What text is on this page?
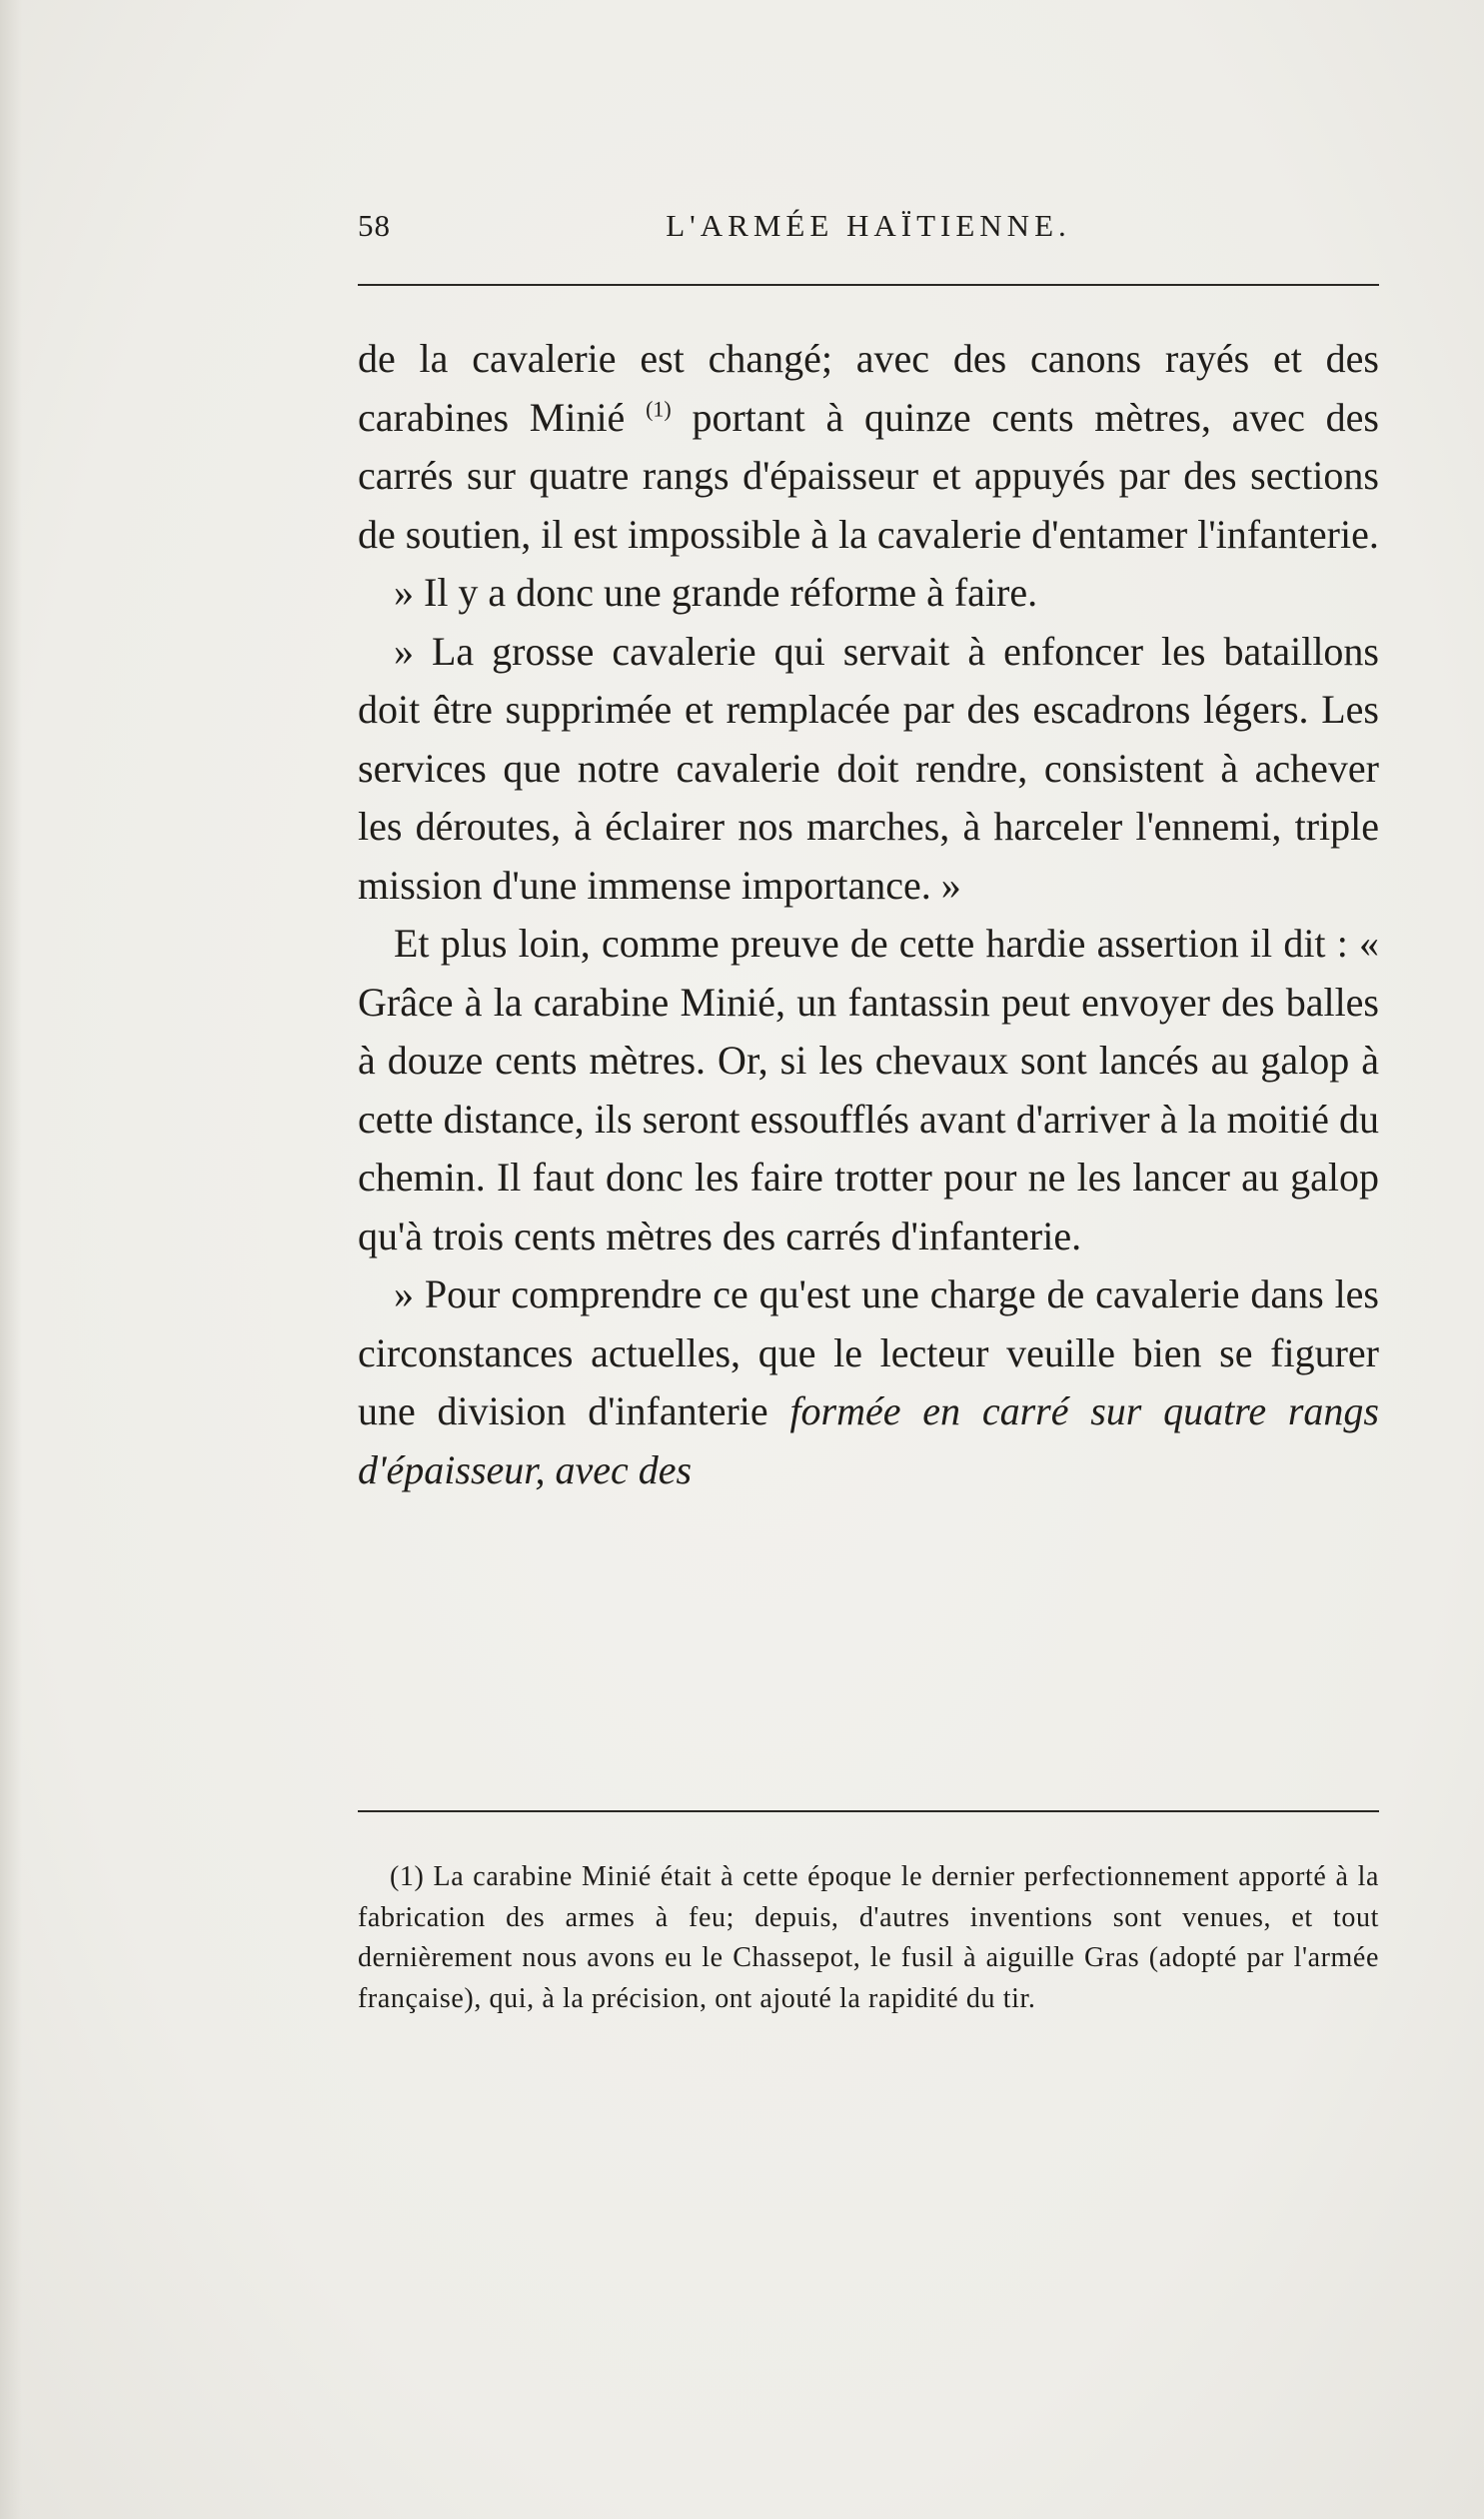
58	L'ARMÉE HAÏTIENNE.

de la cavalerie est changé; avec des canons rayés et des carabines Minié $^{(1)}$ portant à quinze cents mètres, avec des carrés sur quatre rangs d'épaisseur et appuyés par des sections de soutien, il est impossible à la cavalerie d'entamer l'infanterie.

» Il y a donc une grande réforme à faire.

» La grosse cavalerie qui servait à enfoncer les bataillons doit être supprimée et remplacée par des escadrons légers. Les services que notre cavalerie doit rendre, consistent à achever les déroutes, à éclairer nos marches, à harceler l'ennemi, triple mission d'une immense importance. »

Et plus loin, comme preuve de cette hardie assertion il dit : « Grâce à la carabine Minié, un fantassin peut envoyer des balles à douze cents mètres. Or, si les chevaux sont lancés au galop à cette distance, ils seront essoufflés avant d'arriver à la moitié du chemin. Il faut donc les faire trotter pour ne les lancer au galop qu'à trois cents mètres des carrés d'infanterie.

» Pour comprendre ce qu'est une charge de cavalerie dans les circonstances actuelles, que le lecteur veuille bien se figurer une division d'infanterie formée en carré sur quatre rangs d'épaisseur, avec des

(1) La carabine Minié était à cette époque le dernier perfectionnement apporté à la fabrication des armes à feu; depuis, d'autres inventions sont venues, et tout dernièrement nous avons eu le Chassepot, le fusil à aiguille Gras (adopté par l'armée française), qui, à la précision, ont ajouté la rapidité du tir.
